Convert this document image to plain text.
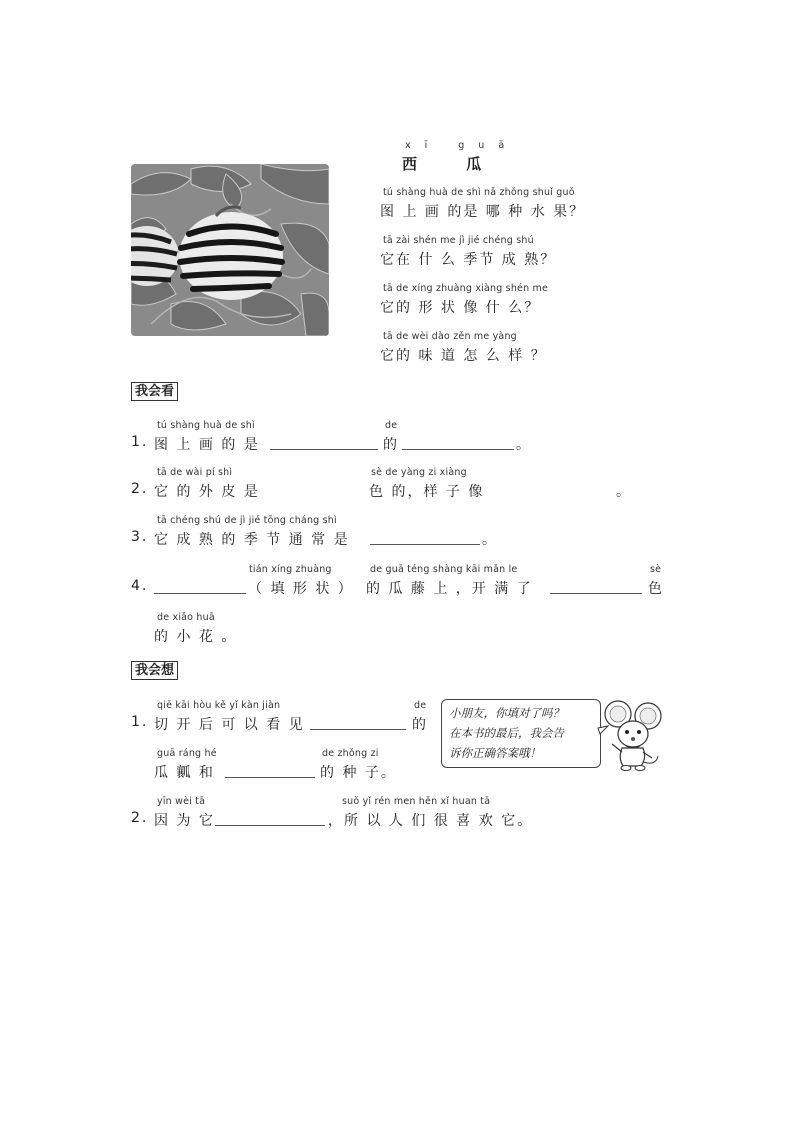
xī guā
西 瓜
tú shàng huà de shì nǎ zhǒng shuǐ guǒ
图 上 画 的是 哪 种 水 果？
tā zài shén me jì jié chéng shú
它在 什 么 季节 成 熟？
tā de xíng zhuàng xiàng shén me
它的 形 状 像 什 么？
tā de wèi dào zěn me yàng
它的 味 道 怎 么 样 ？
我会看
tú shàng huà de shì	de
1. 图 上 画 的 是	的	。
tā de wài pí shì	sè de yàng zi xiàng
2. 它 的 外 皮 是	色 的，样 子 像	。
tā chéng shú de jì jié tōng cháng shì
3. 它 成 熟 的 季 节 通 常 是	。
tián xíng zhuàng	de guā téng shàng kāi mǎn le	sè
4.	（ 填 形 状 ） 的 瓜 藤 上 ，开 满 了	色
de xiǎo huā
的 小 花 。
我会想
qiē kāi hòu kě yǐ kàn jiàn	de
1. 切 开 后 可 以 看 见	的
guā ráng hé	de zhǒng zi
瓜 瓤 和	的 种 子。
yīn wèi tā	suǒ yǐ rén men hěn xǐ huan tā
2. 因 为 它	，所 以 人 们 很 喜 欢 它。
小朋友，你填对了吗？
在本书的最后，我会告
诉你正确答案哦！
